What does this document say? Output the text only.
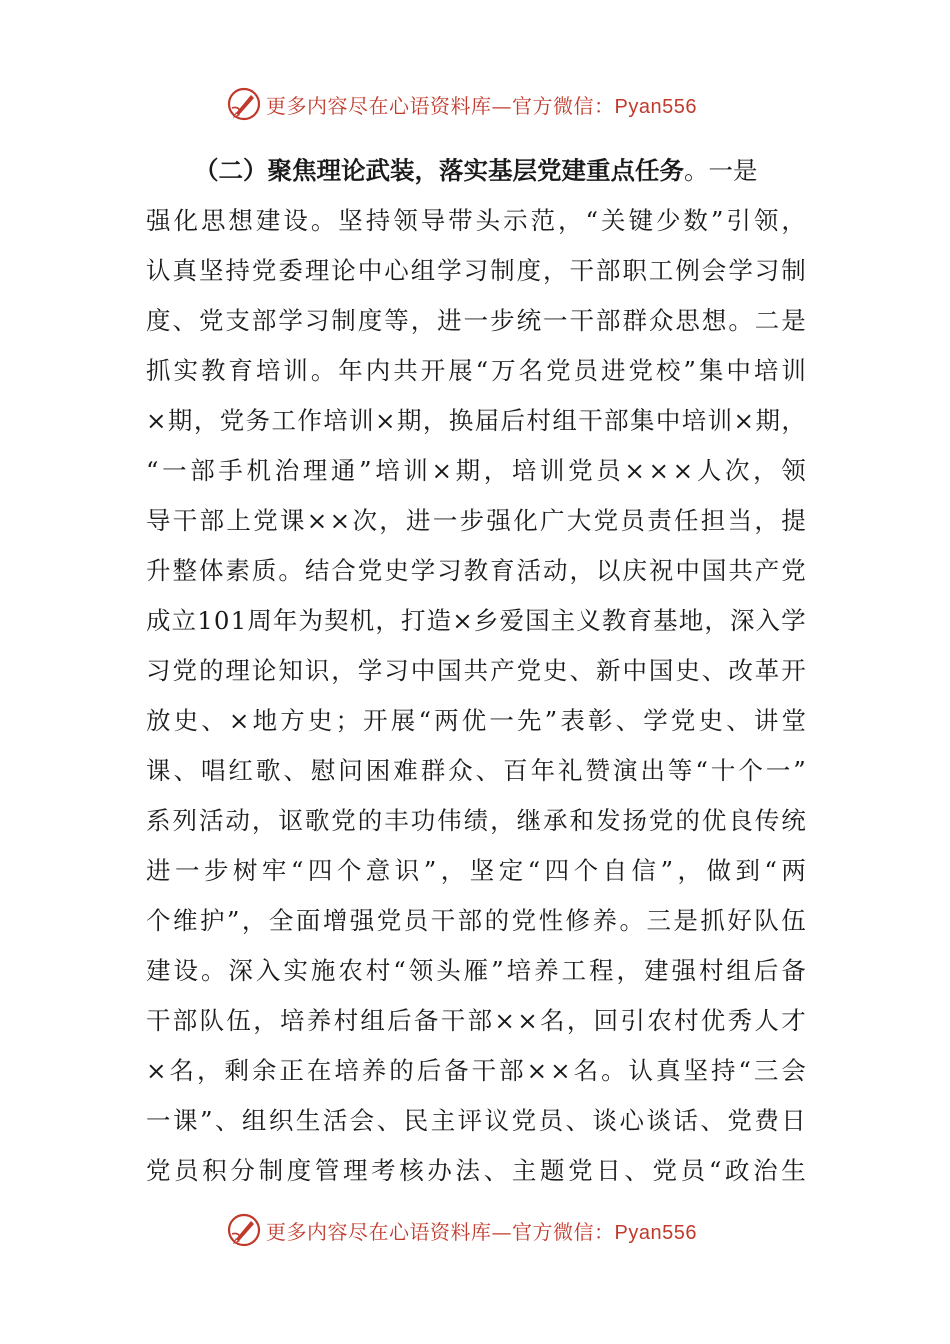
更多内容尽在心语资料库—官方微信：Pyan556
（二）聚焦理论武装，落实基层党建重点任务。一是
强 化 思 想 建 设 。 坚 持 领 导 带 头 示 范 ， “ 关 键 少 数 ” 引 领 ，
认 真 坚 持 党 委 理 论 中 心 组 学 习 制 度 ， 干 部 职 工 例 会 学 习 制
度 、 党 支 部 学 习 制 度 等 ， 进 一 步 统 一 干 部 群 众 思 想 。 二 是
抓 实 教 育 培 训 。 年 内 共 开 展 “ 万 名 党 员 进 党 校 ” 集 中 培 训
× 期 ， 党 务 工 作 培 训 × 期 ， 换 届 后 村 组 干 部 集 中 培 训 × 期 ，
“ 一 部 手 机 治 理 通 ” 培 训 × 期 ， 培 训 党 员 × × × 人 次 ， 领
导 干 部 上 党 课 × × 次 ， 进 一 步 强 化 广 大 党 员 责 任 担 当 ， 提
升 整 体 素 质 。 结 合 党 史 学 习 教 育 活 动 ， 以 庆 祝 中 国 共 产 党
成 立 1 0 1 周 年 为 契 机 ， 打 造 × 乡 爱 国 主 义 教 育 基 地 ， 深 入 学
习 党 的 理 论 知 识 ， 学 习 中 国 共 产 党 史 、 新 中 国 史 、 改 革 开
放 史 、 × 地 方 史 ； 开 展 “ 两 优 一 先 ” 表 彰 、 学 党 史 、 讲 堂
课 、 唱 红 歌 、 慰 问 困 难 群 众 、 百 年 礼 赞 演 出 等 “ 十 个 一 ”
系 列 活 动 ， 讴 歌 党 的 丰 功 伟 绩 ， 继 承 和 发 扬 党 的 优 良 传 统
进 一 步 树 牢 “ 四 个 意 识 ” ， 坚 定 “ 四 个 自 信 ” ， 做 到 “ 两
个 维 护 ” ， 全 面 增 强 党 员 干 部 的 党 性 修 养 。 三 是 抓 好 队 伍
建 设 。 深 入 实 施 农 村 “ 领 头 雁 ” 培 养 工 程 ， 建 强 村 组 后 备
干 部 队 伍 ， 培 养 村 组 后 备 干 部 × × 名 ， 回 引 农 村 优 秀 人 才
× 名 ， 剩 余 正 在 培 养 的 后 备 干 部 × × 名 。 认 真 坚 持 “ 三 会
一 课 ” 、 组 织 生 活 会 、 民 主 评 议 党 员 、 谈 心 谈 话 、 党 费 日
党 员 积 分 制 度 管 理 考 核 办 法 、 主 题 党 日 、 党 员 “ 政 治 生
更多内容尽在心语资料库—官方微信：Pyan556
